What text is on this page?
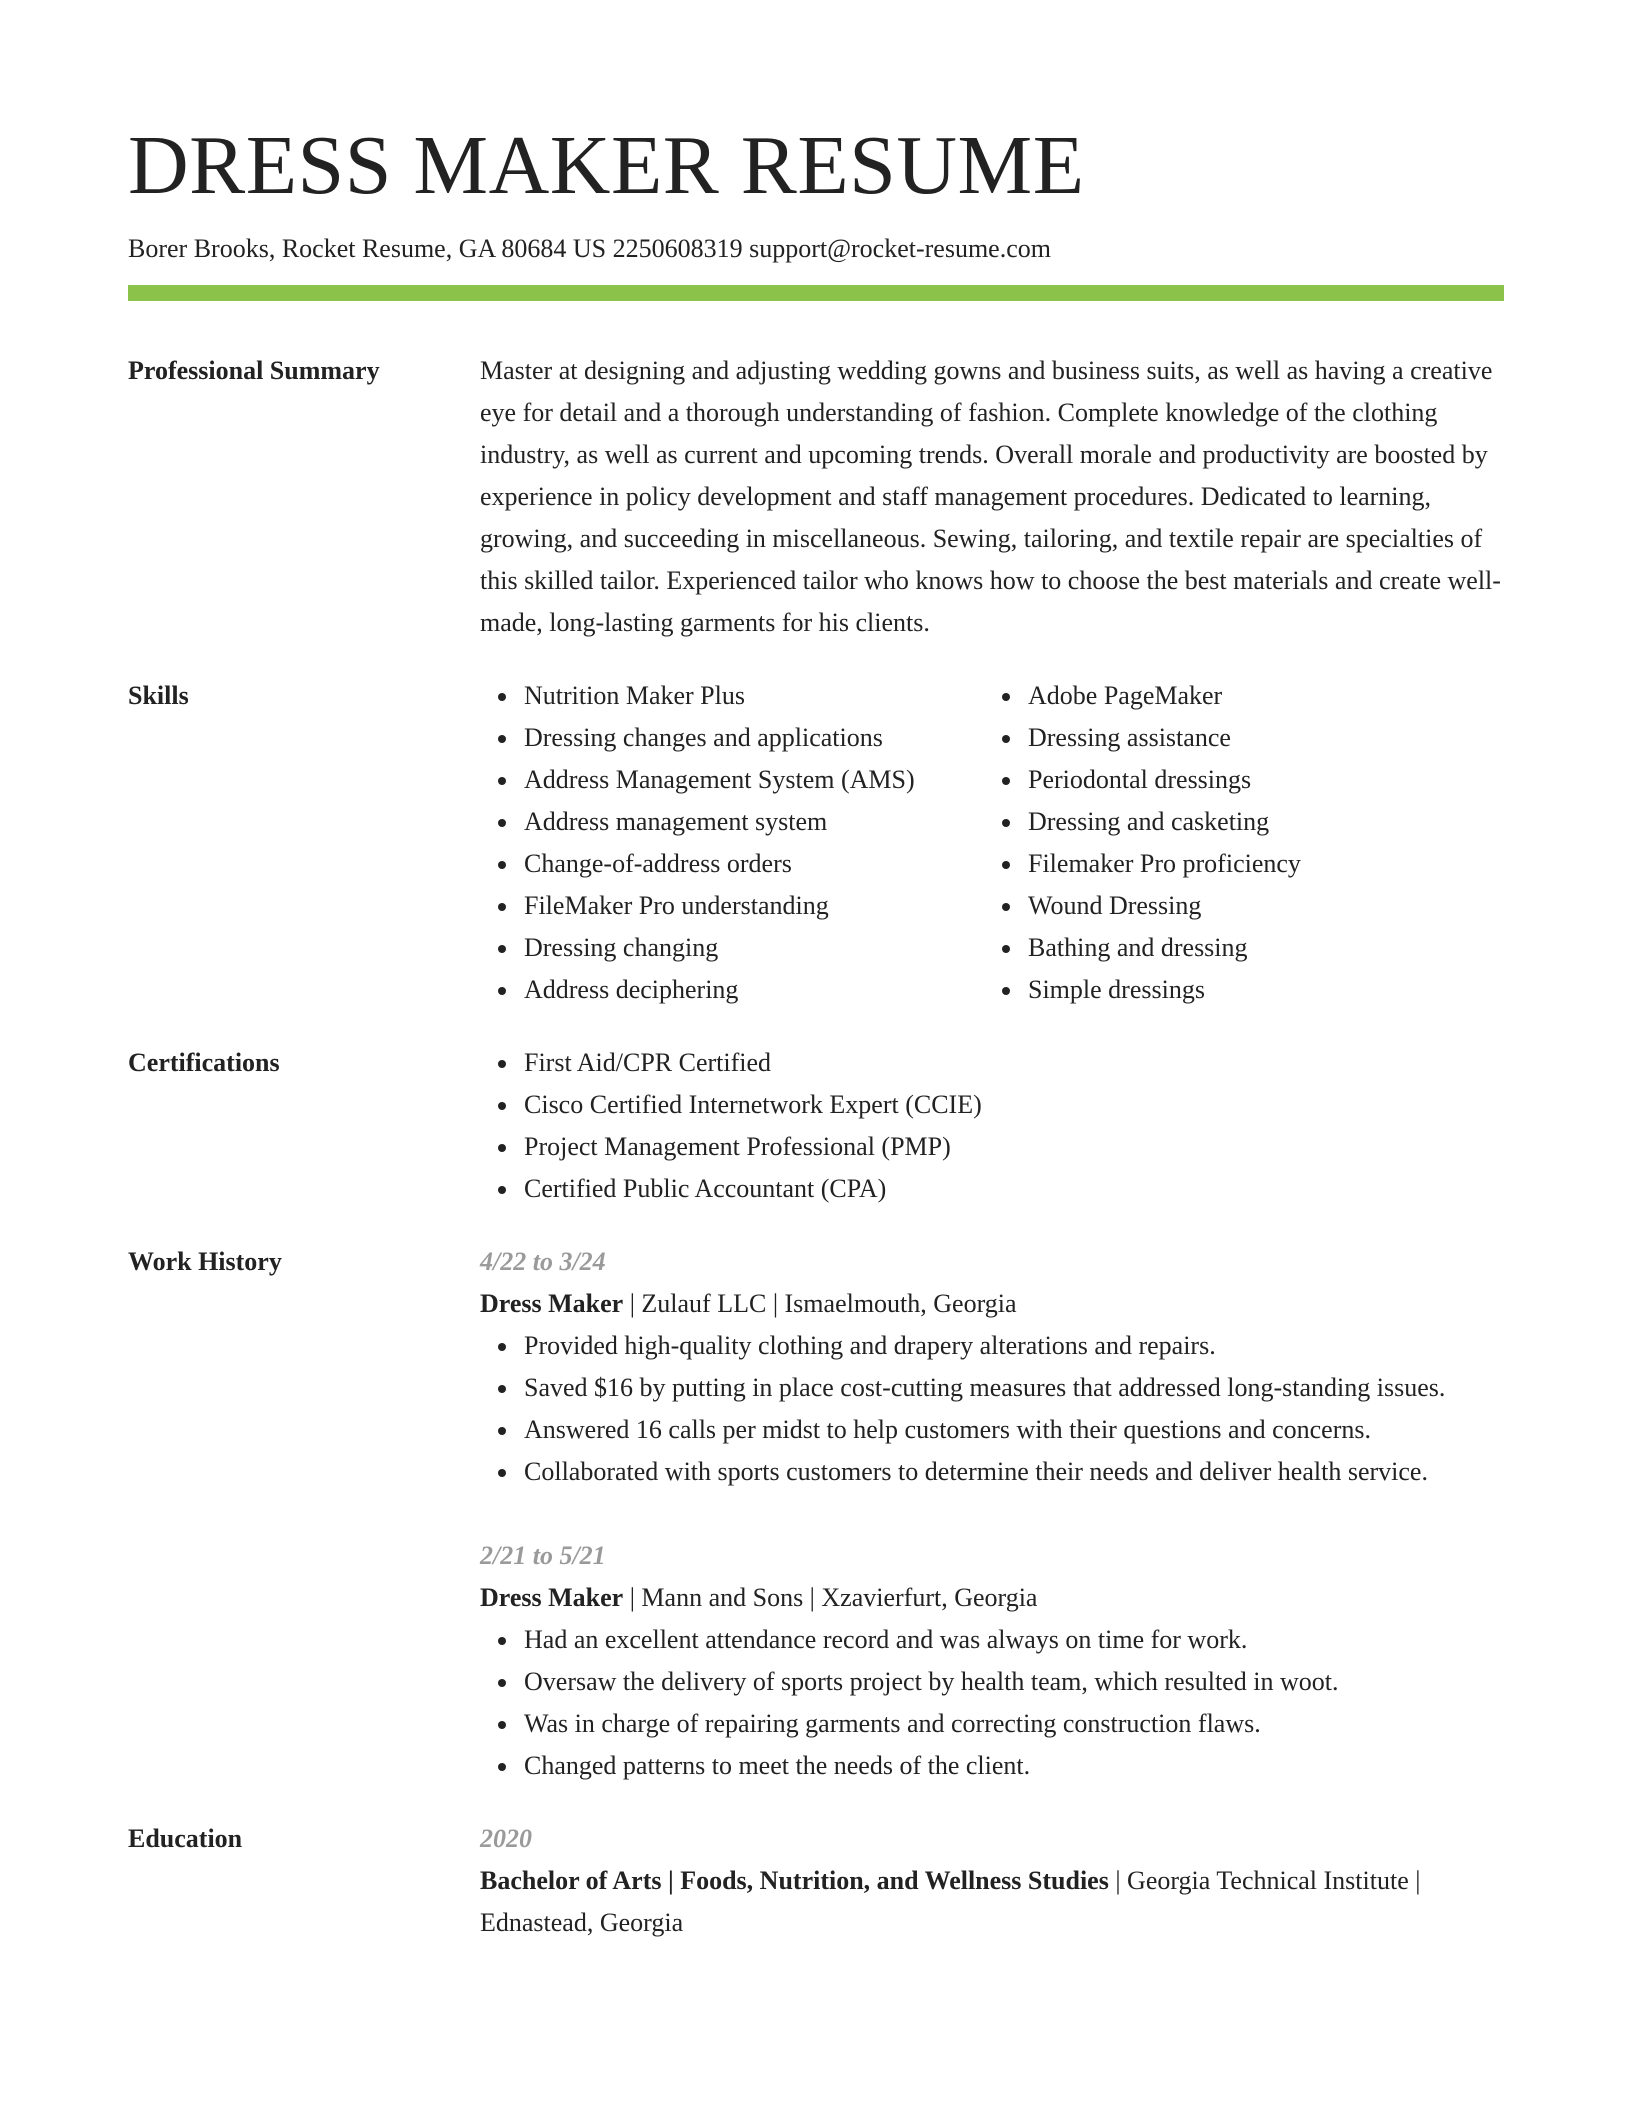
DRESS MAKER RESUME
Borer Brooks, Rocket Resume, GA 80684 US 2250608319 support@rocket-resume.com
Professional Summary	Master at designing and adjusting wedding gowns and business suits, as well as having a creative eye for detail and a thorough understanding of fashion. Complete knowledge of the clothing industry, as well as current and upcoming trends. Overall morale and productivity are boosted by experience in policy development and staff management procedures. Dedicated to learning, growing, and succeeding in miscellaneous. Sewing, tailoring, and textile repair are specialties of this skilled tailor. Experienced tailor who knows how to choose the best materials and create well-made, long-lasting garments for his clients.

Skills	Nutrition Maker Plus
Dressing changes and applications
Address Management System (AMS)
Address management system
Change-of-address orders
FileMaker Pro understanding
Dressing changing
Address deciphering
Adobe PageMaker
Dressing assistance
Periodontal dressings
Dressing and casketing
Filemaker Pro proficiency
Wound Dressing
Bathing and dressing
Simple dressings
Certifications	First Aid/CPR Certified
Cisco Certified Internetwork Expert (CCIE)
Project Management Professional (PMP)
Certified Public Accountant (CPA)
Work History	4/22 to 3/24
Dress Maker | Zulauf LLC | Ismaelmouth, Georgia
Provided high-quality clothing and drapery alterations and repairs.
Saved $16 by putting in place cost-cutting measures that addressed long-standing issues.
Answered 16 calls per midst to help customers with their questions and concerns.
Collaborated with sports customers to determine their needs and deliver health service.
2/21 to 5/21
Dress Maker | Mann and Sons | Xzavierfurt, Georgia
Had an excellent attendance record and was always on time for work.
Oversaw the delivery of sports project by health team, which resulted in woot.
Was in charge of repairing garments and correcting construction flaws.
Changed patterns to meet the needs of the client.
Education	2020
Bachelor of Arts | Foods, Nutrition, and Wellness Studies | Georgia Technical Institute | Ednastead, Georgia
